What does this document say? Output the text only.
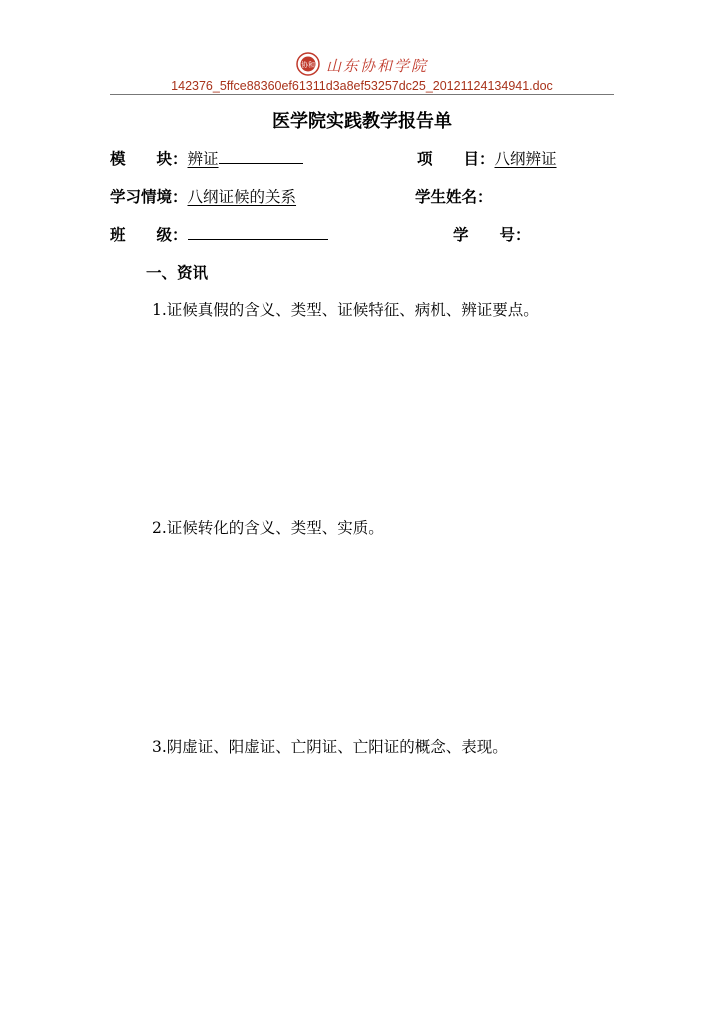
协和 山东协和学院
142376_5ffce88360ef61311d3a8ef53257dc25_20121124134941.doc
医学院实践教学报告单
模　　块：辨证	项　　目：八纲辨证
学习情境：八纲证候的关系	学生姓名：
班　　级：	学　　号：
一、资讯
1.证候真假的含义、类型、证候特征、病机、辨证要点。
2.证候转化的含义、类型、实质。
3.阴虚证、阳虚证、亡阴证、亡阳证的概念、表现。
